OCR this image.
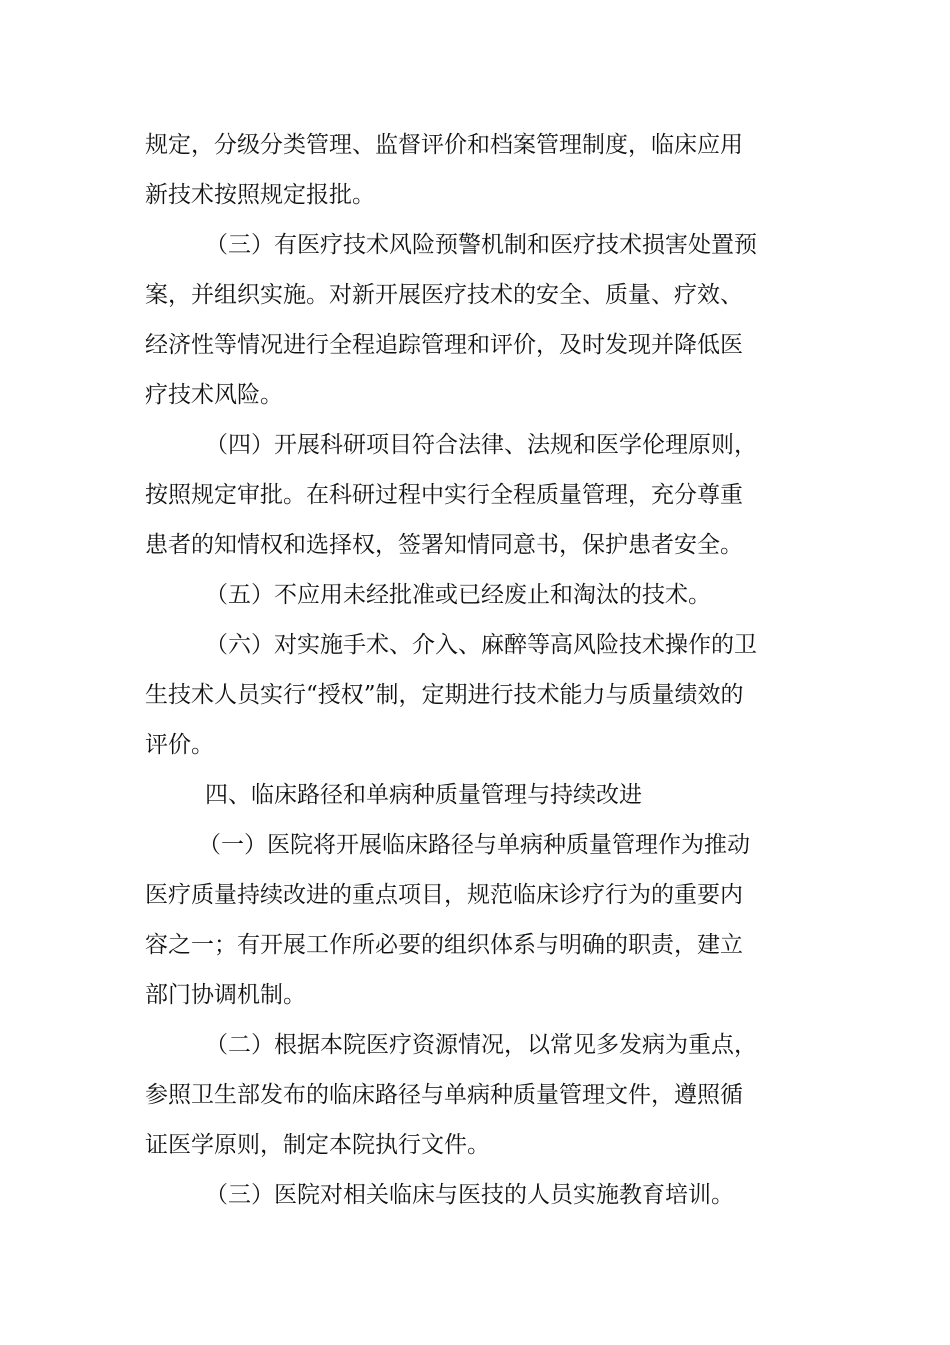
规定，分级分类管理、监督评价和档案管理制度，临床应用

新技术按照规定报批。

（三）有医疗技术风险预警机制和医疗技术损害处置预

案，并组织实施。对新开展医疗技术的安全、质量、疗效、

经济性等情况进行全程追踪管理和评价，及时发现并降低医

疗技术风险。

（四）开展科研项目符合法律、法规和医学伦理原则，

按照规定审批。在科研过程中实行全程质量管理，充分尊重

患者的知情权和选择权，签署知情同意书，保护患者安全。

（五）不应用未经批准或已经废止和淘汰的技术。

（六）对实施手术、介入、麻醉等高风险技术操作的卫

生技术人员实行“授权”制，定期进行技术能力与质量绩效的

评价。

四、临床路径和单病种质量管理与持续改进

（一）医院将开展临床路径与单病种质量管理作为推动

医疗质量持续改进的重点项目，规范临床诊疗行为的重要内

容之一；有开展工作所必要的组织体系与明确的职责，建立

部门协调机制。

（二）根据本院医疗资源情况，以常见多发病为重点，

参照卫生部发布的临床路径与单病种质量管理文件，遵照循

证医学原则，制定本院执行文件。

（三）医院对相关临床与医技的人员实施教育培训。
